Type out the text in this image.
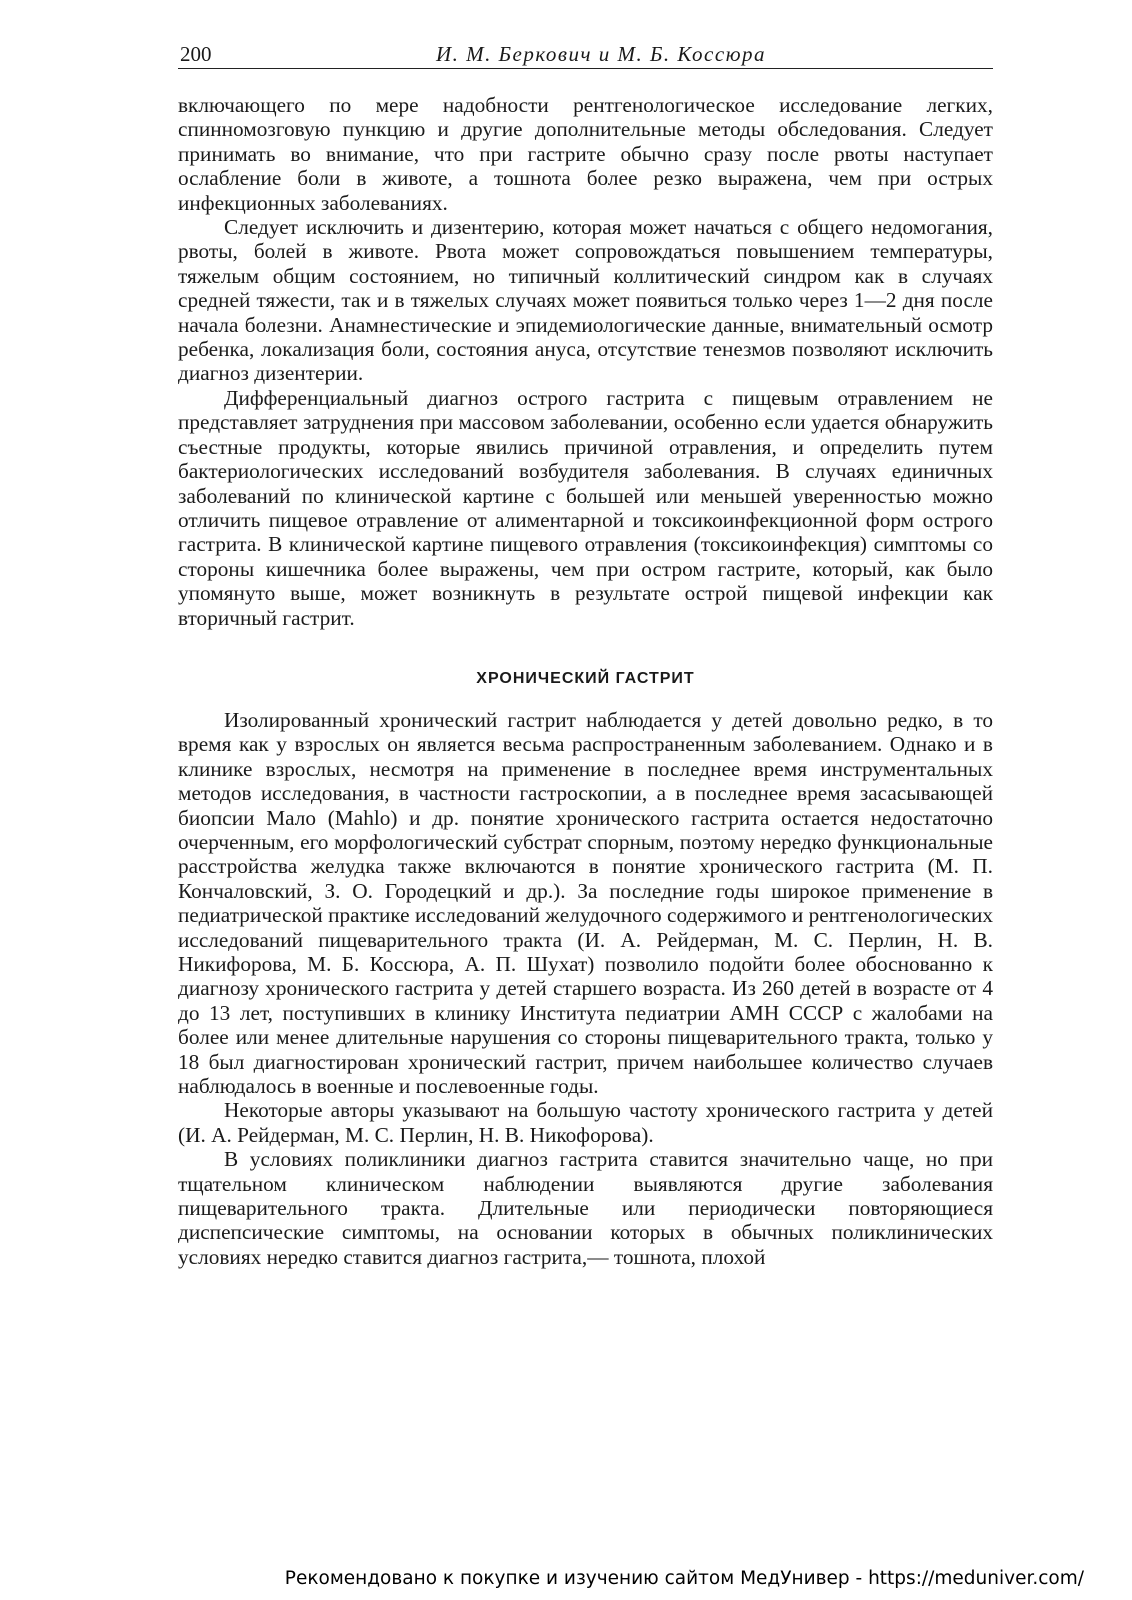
200	И. М. Беркович и М. Б. Коссюра

включающего по мере надобности рентгенологическое исследование легких, спинномозговую пункцию и другие дополнительные методы обследования. Следует принимать во внимание, что при гастрите обычно сразу после рвоты наступает ослабление боли в животе, а тошнота более резко выражена, чем при острых инфекционных заболеваниях.

Следует исключить и дизентерию, которая может начаться с общего недомогания, рвоты, болей в животе. Рвота может сопровождаться повышением температуры, тяжелым общим состоянием, но типичный коллитический синдром как в случаях средней тяжести, так и в тяжелых случаях может появиться только через 1—2 дня после начала болезни. Анамнестические и эпидемиологические данные, внимательный осмотр ребенка, локализация боли, состояния ануса, отсутствие тенезмов позволяют исключить диагноз дизентерии.

Дифференциальный диагноз острого гастрита с пищевым отравлением не представляет затруднения при массовом заболевании, особенно если удается обнаружить съестные продукты, которые явились причиной отравления, и определить путем бактериологических исследований возбудителя заболевания. В случаях единичных заболеваний по клинической картине с большей или меньшей уверенностью можно отличить пищевое отравление от алиментарной и токсикоинфекционной форм острого гастрита. В клинической картине пищевого отравления (токсикоинфекция) симптомы со стороны кишечника более выражены, чем при остром гастрите, который, как было упомянуто выше, может возникнуть в результате острой пищевой инфекции как вторичный гастрит.

ХРОНИЧЕСКИЙ ГАСТРИТ

Изолированный хронический гастрит наблюдается у детей довольно редко, в то время как у взрослых он является весьма распространенным заболеванием. Однако и в клинике взрослых, несмотря на применение в последнее время инструментальных методов исследования, в частности гастроскопии, а в последнее время засасывающей биопсии Мало (Mahlo) и др. понятие хронического гастрита остается недостаточно очерченным, его морфологический субстрат спорным, поэтому нередко функциональные расстройства желудка также включаются в понятие хронического гастрита (М. П. Кончаловский, З. О. Городецкий и др.). За последние годы широкое применение в педиатрической практике исследований желудочного содержимого и рентгенологических исследований пищеварительного тракта (И. А. Рейдерман, М. С. Перлин, Н. В. Никифорова, М. Б. Коссюра, А. П. Шухат) позволило подойти более обоснованно к диагнозу хронического гастрита у детей старшего возраста. Из 260 детей в возрасте от 4 до 13 лет, поступивших в клинику Института педиатрии АМН СССР с жалобами на более или менее длительные нарушения со стороны пищеварительного тракта, только у 18 был диагностирован хронический гастрит, причем наибольшее количество случаев наблюдалось в военные и послевоенные годы.

Некоторые авторы указывают на большую частоту хронического гастрита у детей (И. А. Рейдерман, М. С. Перлин, Н. В. Никофорова).

В условиях поликлиники диагноз гастрита ставится значительно чаще, но при тщательном клиническом наблюдении выявляются другие заболевания пищеварительного тракта. Длительные или периодически повторяющиеся диспепсические симптомы, на основании которых в обычных поликлинических условиях нередко ставится диагноз гастрита,— тошнота, плохой

Рекомендовано к покупке и изучению сайтом МедУнивер - https://meduniver.com/
